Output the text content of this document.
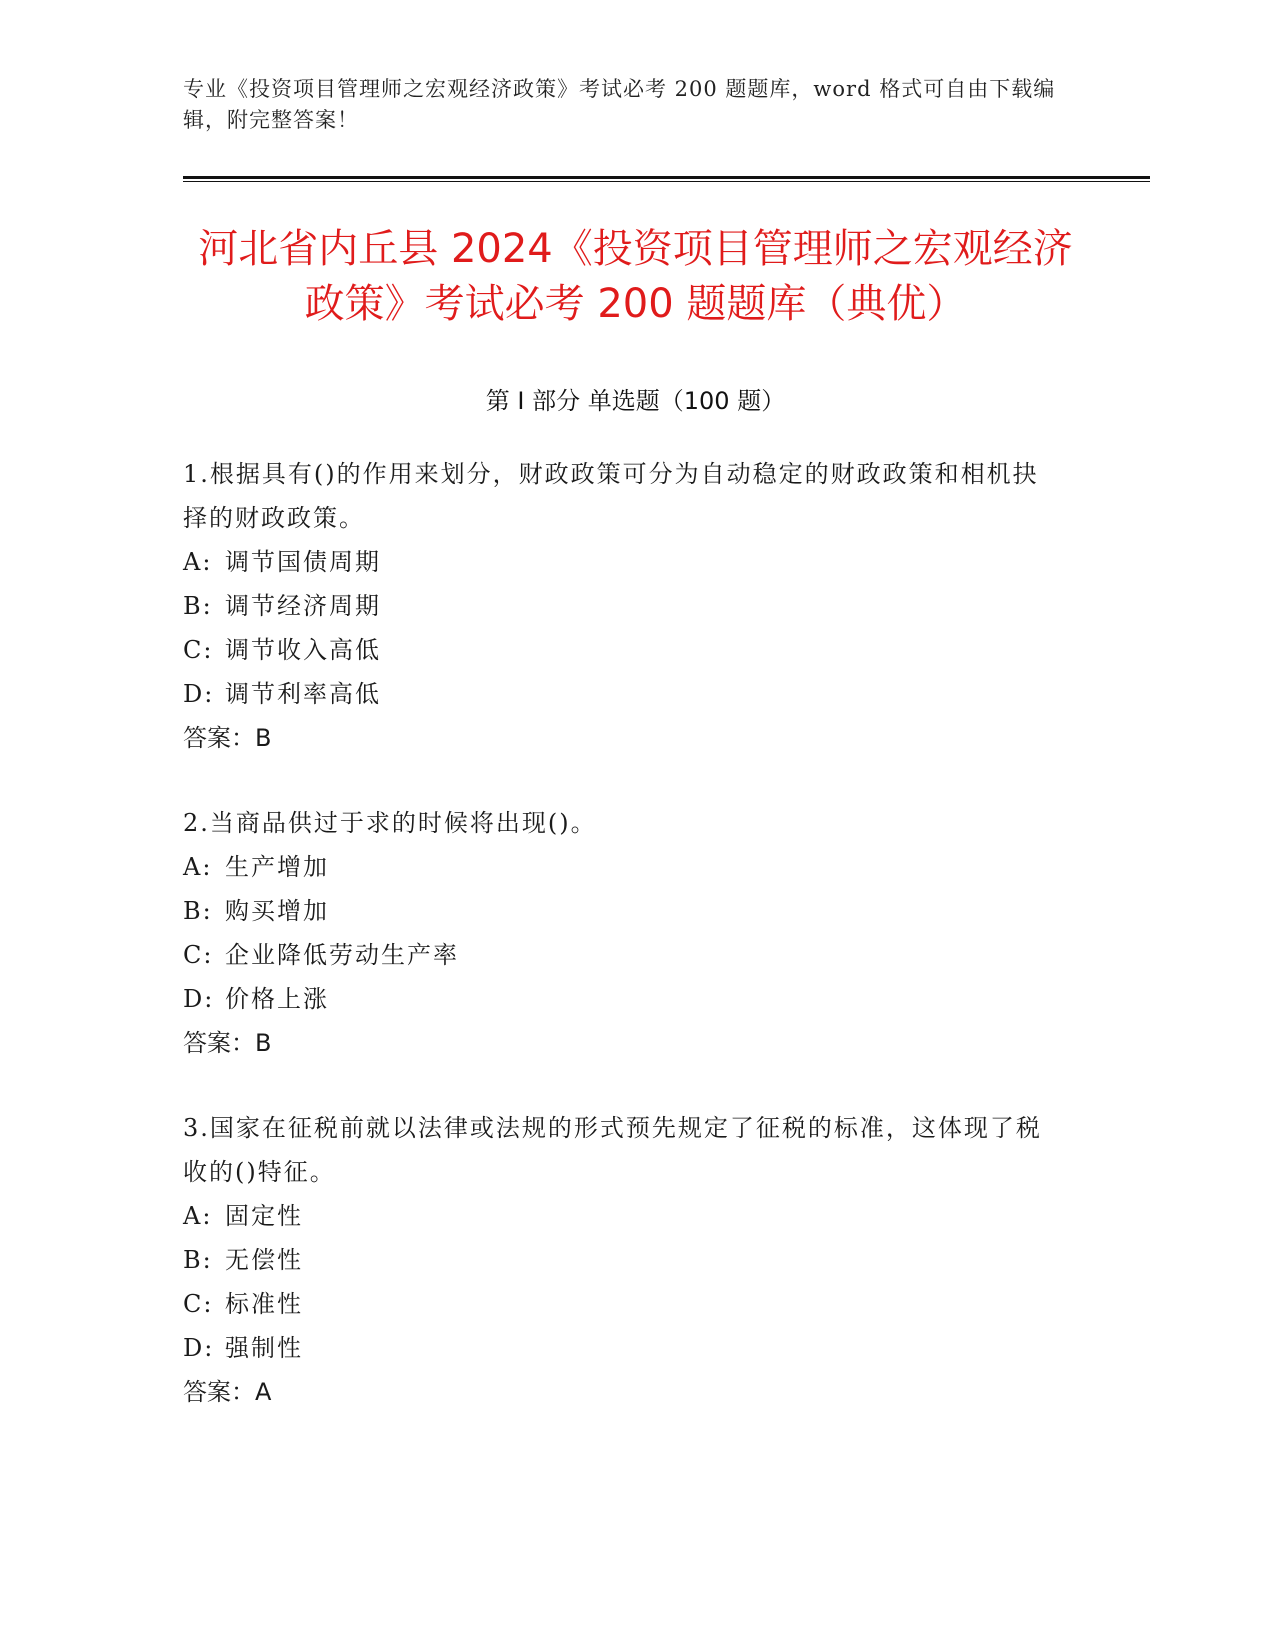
专业《投资项目管理师之宏观经济政策》考试必考 200 题题库，word 格式可自由下载编辑，附完整答案！
河北省内丘县 2024《投资项目管理师之宏观经济政策》考试必考 200 题题库（典优）
第 I 部分 单选题（100 题）

1.根据具有()的作用来划分，财政政策可分为自动稳定的财政政策和相机抉择的财政政策。

A: 调节国债周期

B: 调节经济周期

C: 调节收入高低

D: 调节利率高低

答案：B

2.当商品供过于求的时候将出现()。

A: 生产增加

B: 购买增加

C: 企业降低劳动生产率

D: 价格上涨

答案：B

3.国家在征税前就以法律或法规的形式预先规定了征税的标准，这体现了税收的()特征。

A: 固定性

B: 无偿性

C: 标准性

D: 强制性

答案：A
